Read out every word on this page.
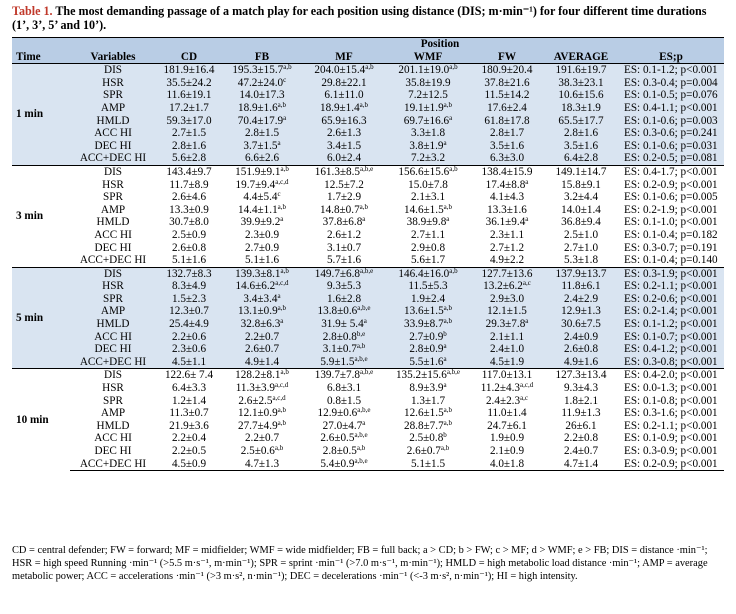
Table 1. The most demanding passage of a match play for each position using distance (DIS; m·min⁻¹) for four different time durations (1’, 3’, 5’ and 10’).
		Position						
Time	Variables	CD	FB	MF	WMF	FW	AVERAGE	ES;p
1 min	DIS	181.9±16.4	$195.3\pm 15.7^{a,b}$	$204.0\pm 15.4^{a,b}$	$201.1\pm 19.0^{a,b}$	180.9±20.4	191.6±19.7	ES: 0.1-1.2; p<0.001
	HSR	35.5±24.2	47.2±24.0$^c$	29.8±22.1	35.8±19.9	37.8±21.6	38.3±23.1	ES: 0.3-0.4; p=0.004
	SPR	11.6±19.1	14.0±17.3	6.1±11.0	7.2±12.5	11.5±14.2	10.6±15.6	ES: 0.1-0.5; p=0.076
	AMP	17.2±1.7	$18.9\pm 1.6^{a,b}$	$18.9\pm 1.4^{a,b}$	$19.1\pm 1.9^{a,b}$	17.6±2.4	18.3±1.9	ES: 0.4-1.1; p<0.001
	HMLD	59.3±17.0	70.4±17.9$^a$	65.9±16.3	69.7±16.6$^a$	61.8±17.8	65.5±17.7	ES: 0.1-0.6; p=0.003
	ACC HI	2.7±1.5	2.8±1.5	2.6±1.3	3.3±1.8	2.8±1.7	2.8±1.6	ES: 0.3-0.6; p=0.241
	DEC HI	2.8±1.6	3.7±1.5$^a$	3.4±1.5	3.8±1.9$^a$	3.5±1.6	3.5±1.6	ES: 0.1-0.6; p=0.031
	ACC+DEC HI	5.6±2.8	6.6±2.6	6.0±2.4	7.2±3.2	6.3±3.0	6.4±2.8	ES: 0.2-0.5; p=0.081
3 min	DIS	143.4±9.7	$151.9\pm 9.1^{a,b}$	$161.3\pm 8.5^{a,b,e}$	$156.6\pm 15.6^{a,b}$	138.4±15.9	149.1±14.7	ES: 0.4-1.7; p<0.001
	HSR	11.7±8.9	$19.7\pm 9.4^{a,c,d}$	12.5±7.2	15.0±7.8	17.4±8.8$^a$	15.8±9.1	ES: 0.2-0.9; p<0.001
	SPR	2.6±4.6	4.4±5.4$^c$	1.7±2.9	2.1±3.1	4.1±4.3	3.2±4.4	ES: 0.1-0.6; p=0.005
	AMP	13.3±0.9	$14.4\pm 1.1^{a,b}$	$14.8\pm 0.7^{a,b}$	$14.6\pm 1.5^{a,b}$	13.3±1.6	14.0±1.4	ES: 0.2-1.9; p<0.001
	HMLD	30.7±8.0	39.9±9.2$^a$	37.8±6.8$^a$	38.9±9.8$^a$	36.1±9.4$^a$	36.8±9.4	ES: 0.1-1.0; p<0.001
	ACC HI	2.5±0.9	2.3±0.9	2.6±1.2	2.7±1.1	2.3±1.1	2.5±1.0	ES: 0.1-0.4; p=0.182
	DEC HI	2.6±0.8	2.7±0.9	3.1±0.7	2.9±0.8	2.7±1.2	2.7±1.0	ES: 0.3-0.7; p=0.191
	ACC+DEC HI	5.1±1.6	5.1±1.6	5.7±1.6	5.6±1.7	4.9±2.2	5.3±1.8	ES: 0.1-0.4; p=0.140
5 min	DIS	132.7±8.3	$139.3\pm 8.1^{a,b}$	$149.7\pm 6.8^{a,b,e}$	$146.4\pm 16.0^{a,b}$	127.7±13.6	137.9±13.7	ES: 0.3-1.9; p<0.001
	HSR	8.3±4.9	$14.6\pm 6.2^{a,c,d}$	9.3±5.3	11.5±5.3	$13.2\pm 6.2^{a,c}$	11.8±6.1	ES: 0.2-1.1; p<0.001
	SPR	1.5±2.3	3.4±3.4$^a$	1.6±2.8	1.9±2.4	2.9±3.0	2.4±2.9	ES: 0.2-0.6; p<0.001
	AMP	12.3±0.7	$13.1\pm 0.9^{a,b}$	$13.8\pm 0.6^{a,b,e}$	$13.6\pm 1.5^{a,b}$	12.1±1.5	12.9±1.3	ES: 0.2-1.4; p<0.001
	HMLD	25.4±4.9	32.8±6.3$^a$	31.9± 5.4$^a$	$33.9\pm 8.7^{a,b}$	29.3±7.8$^a$	30.6±7.5	ES: 0.1-1.2; p<0.001
	ACC HI	2.2±0.6	2.2±0.7	$2.8\pm 0.8^{b,e}$	2.7±0.9$^b$	2.1±1.1	2.4±0.9	ES: 0.1-0.7; p<0.001
	DEC HI	2.3±0.6	2.6±0.7	$3.1\pm 0.7^{a,b}$	2.8±0.9$^a$	2.4±1.0	2.6±0.8	ES: 0.4-1.2; p<0.001
	ACC+DEC HI	4.5±1.1	4.9±1.4	$5.9\pm 1.5^{a,b,e}$	5.5±1.6$^a$	4.5±1.9	4.9±1.6	ES: 0.3-0.8; p<0.001
10 min	DIS	122.6± 7.4	$128.2\pm 8.1^{a,b}$	$139.7\pm 7.8^{a,b,e}$	$135.2\pm 15.6^{a,b,e}$	117.0±13.1	127.3±13.4	ES: 0.4-2.0; p<0.001
	HSR	6.4±3.3	$11.3\pm 3.9^{a,c,d}$	6.8±3.1	8.9±3.9$^a$	$11.2\pm 4.3^{a,c,d}$	9.3±4.3	ES: 0.0-1.3; p<0.001
	SPR	1.2±1.4	$2.6\pm 2.5^{a,c,d}$	0.8±1.5	1.3±1.7	$2.4\pm 2.3^{a,c}$	1.8±2.1	ES: 0.1-0.8; p<0.001
	AMP	11.3±0.7	$12.1\pm 0.9^{a,b}$	$12.9\pm 0.6^{a,b,e}$	$12.6\pm 1.5^{a,b}$	11.0±1.4	11.9±1.3	ES: 0.3-1.6; p<0.001
	HMLD	21.9±3.6	$27.7\pm 4.9^{a,b}$	27.0±4.7$^a$	$28.8\pm 7.7^{a,b}$	24.7±6.1	26±6.1	ES: 0.2-1.1; p<0.001
	ACC HI	2.2±0.4	2.2±0.7	$2.6\pm 0.5^{a,b,e}$	2.5±0.8$^b$	1.9±0.9	2.2±0.8	ES: 0.1-0.9; p<0.001
	DEC HI	2.2±0.5	$2.5\pm 0.6^{a,b}$	$2.8\pm 0.5^{a,b}$	$2.6\pm 0.7^{a,b}$	2.1±0.9	2.4±0.7	ES: 0.3-0.9; p<0.001
	ACC+DEC HI	4.5±0.9	4.7±1.3	$5.4\pm 0.9^{a,b,e}$	5.1±1.5	4.0±1.8	4.7±1.4	ES: 0.2-0.9; p<0.001
CD = central defender; FW = forward; MF = midfielder; WMF = wide midfielder; FB = full back; a > CD; b > FW; c > MF; d > WMF; e > FB; DIS = distance ·min⁻¹; HSR = high speed Running ·min⁻¹ (>5.5 m·s⁻¹, m·min⁻¹); SPR = sprint ·min⁻¹ (>7.0 m·s⁻¹, m·min⁻¹); HMLD = high metabolic load distance ·min⁻¹; AMP = average metabolic power; ACC = accelerations ·min⁻¹ (>3 m·s², n·min⁻¹); DEC = decelerations ·min⁻¹ (<-3 m·s², n·min⁻¹); HI = high intensity.
